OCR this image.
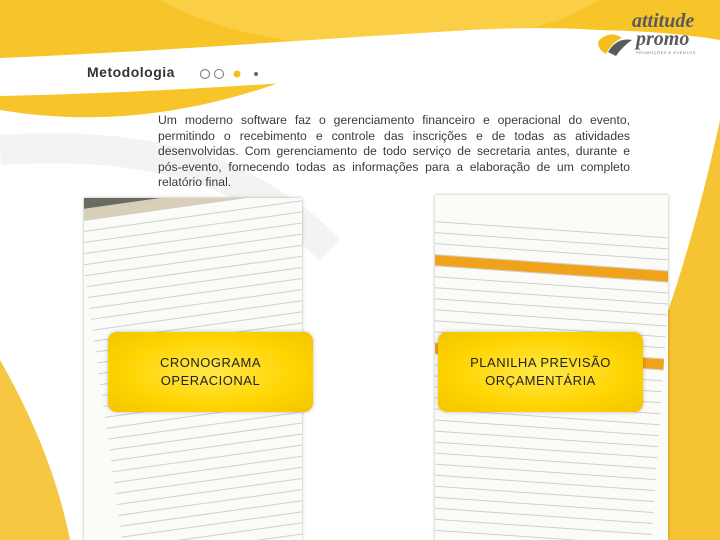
attitude
promo
PROMOÇÕES E EVENTOS
Metodologia
Um moderno software faz o gerenciamento financeiro e operacional do evento, permitindo o recebimento e controle das inscrições e de todas as atividades desenvolvidas. Com gerenciamento de todo serviço de secretaria antes, durante e pós-evento, fornecendo todas as informações para a elaboração de um completo relatório final.
CRONOGRAMA
OPERACIONAL
PLANILHA PREVISÃO
ORÇAMENTÁRIA
